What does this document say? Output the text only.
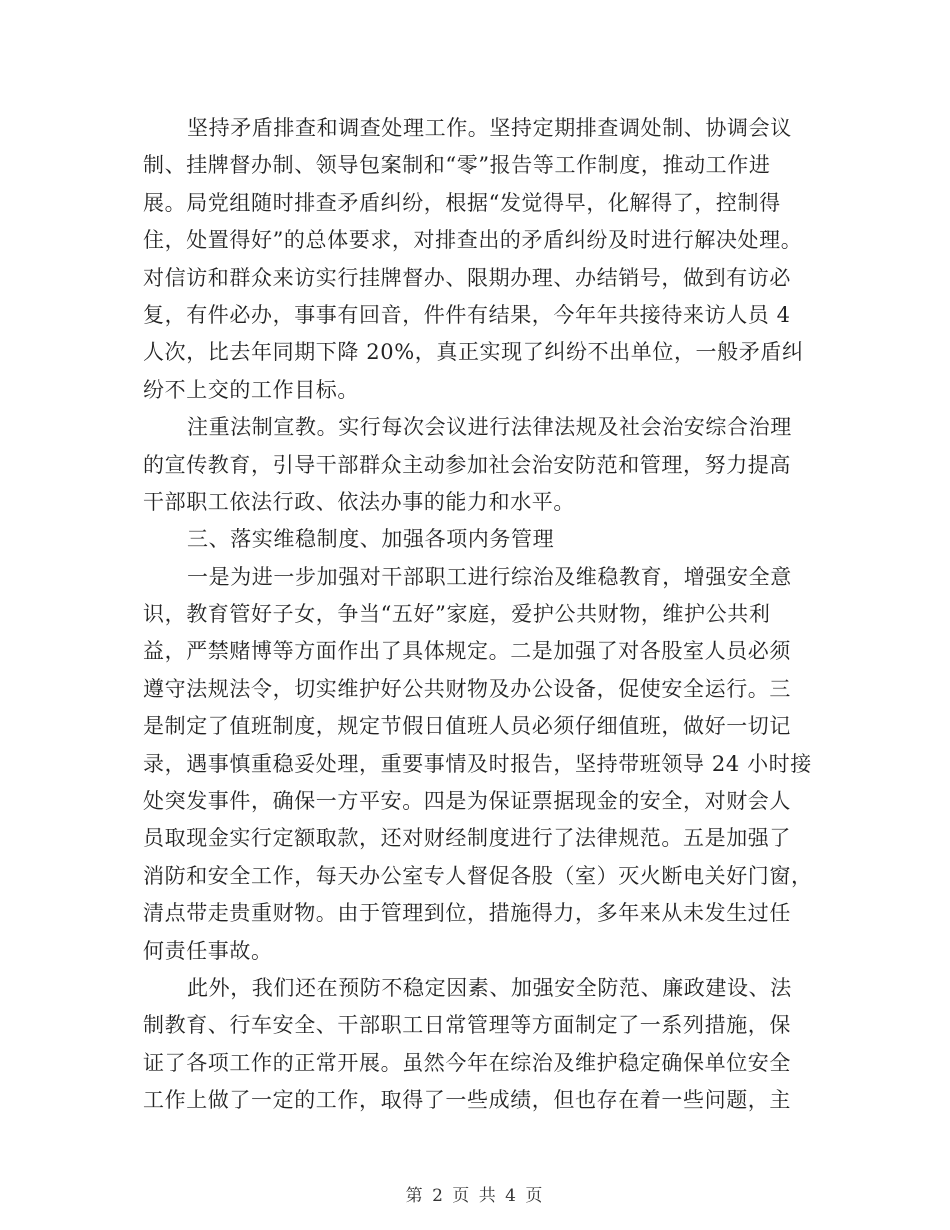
坚持矛盾排查和调查处理工作。坚持定期排查调处制、协调会议
制、挂牌督办制、领导包案制和“零”报告等工作制度，推动工作进
展。局党组随时排查矛盾纠纷，根据“发觉得早，化解得了，控制得
住，处置得好”的总体要求，对排查出的矛盾纠纷及时进行解决处理。
对信访和群众来访实行挂牌督办、限期办理、办结销号，做到有访必
复，有件必办，事事有回音，件件有结果，今年年共接待来访人员 4
人次，比去年同期下降 20%，真正实现了纠纷不出单位，一般矛盾纠
纷不上交的工作目标。
注重法制宣教。实行每次会议进行法律法规及社会治安综合治理
的宣传教育，引导干部群众主动参加社会治安防范和管理，努力提高
干部职工依法行政、依法办事的能力和水平。
三、落实维稳制度、加强各项内务管理
一是为进一步加强对干部职工进行综治及维稳教育，增强安全意
识，教育管好子女，争当“五好”家庭，爱护公共财物，维护公共利
益，严禁赌博等方面作出了具体规定。二是加强了对各股室人员必须
遵守法规法令，切实维护好公共财物及办公设备，促使安全运行。三
是制定了值班制度，规定节假日值班人员必须仔细值班，做好一切记
录，遇事慎重稳妥处理，重要事情及时报告，坚持带班领导 24 小时接
处突发事件，确保一方平安。四是为保证票据现金的安全，对财会人
员取现金实行定额取款，还对财经制度进行了法律规范。五是加强了
消防和安全工作，每天办公室专人督促各股（室）灭火断电关好门窗，
清点带走贵重财物。由于管理到位，措施得力，多年来从未发生过任
何责任事故。
此外，我们还在预防不稳定因素、加强安全防范、廉政建设、法
制教育、行车安全、干部职工日常管理等方面制定了一系列措施，保
证了各项工作的正常开展。虽然今年在综治及维护稳定确保单位安全
工作上做了一定的工作，取得了一些成绩，但也存在着一些问题，主
第 2 页 共 4 页
